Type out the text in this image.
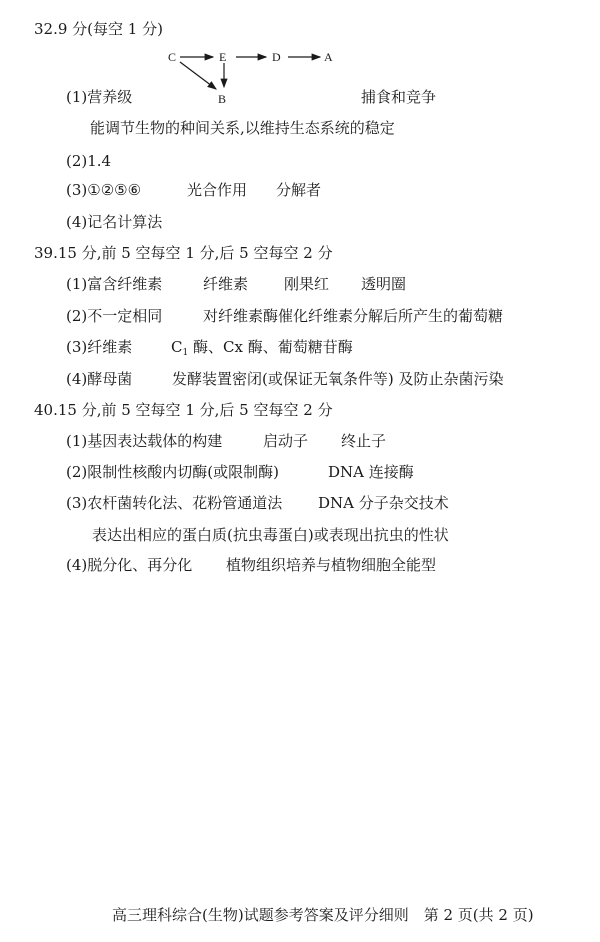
32.9 分(每空 1 分)
C	E	D	A
B
(1)营养级	捕食和竞争
能调节生物的种间关系,以维持生态系统的稳定
(2)1.4
(3)①②⑤⑥	光合作用 分解者
(4)记名计算法
39.15 分,前 5 空每空 1 分,后 5 空每空 2 分
(1)富含纤维素	纤维素 刚果红 透明圈
(2)不一定相同	对纤维素酶催化纤维素分解后所产生的葡萄糖
(3)纤维素	$C_1$ 酶、Cx 酶、葡萄糖苷酶
(4)酵母菌	发酵装置密闭(或保证无氧条件等) 及防止杂菌污染
40.15 分,前 5 空每空 1 分,后 5 空每空 2 分
(1)基因表达载体的构建	启动子 终止子
(2)限制性核酸内切酶(或限制酶)	DNA 连接酶
(3)农杆菌转化法、花粉管通道法 DNA 分子杂交技术
表达出相应的蛋白质(抗虫毒蛋白)或表现出抗虫的性状
(4)脱分化、再分化 植物组织培养与植物细胞全能型
高三理科综合(生物)试题参考答案及评分细则　第 2 页(共 2 页)
